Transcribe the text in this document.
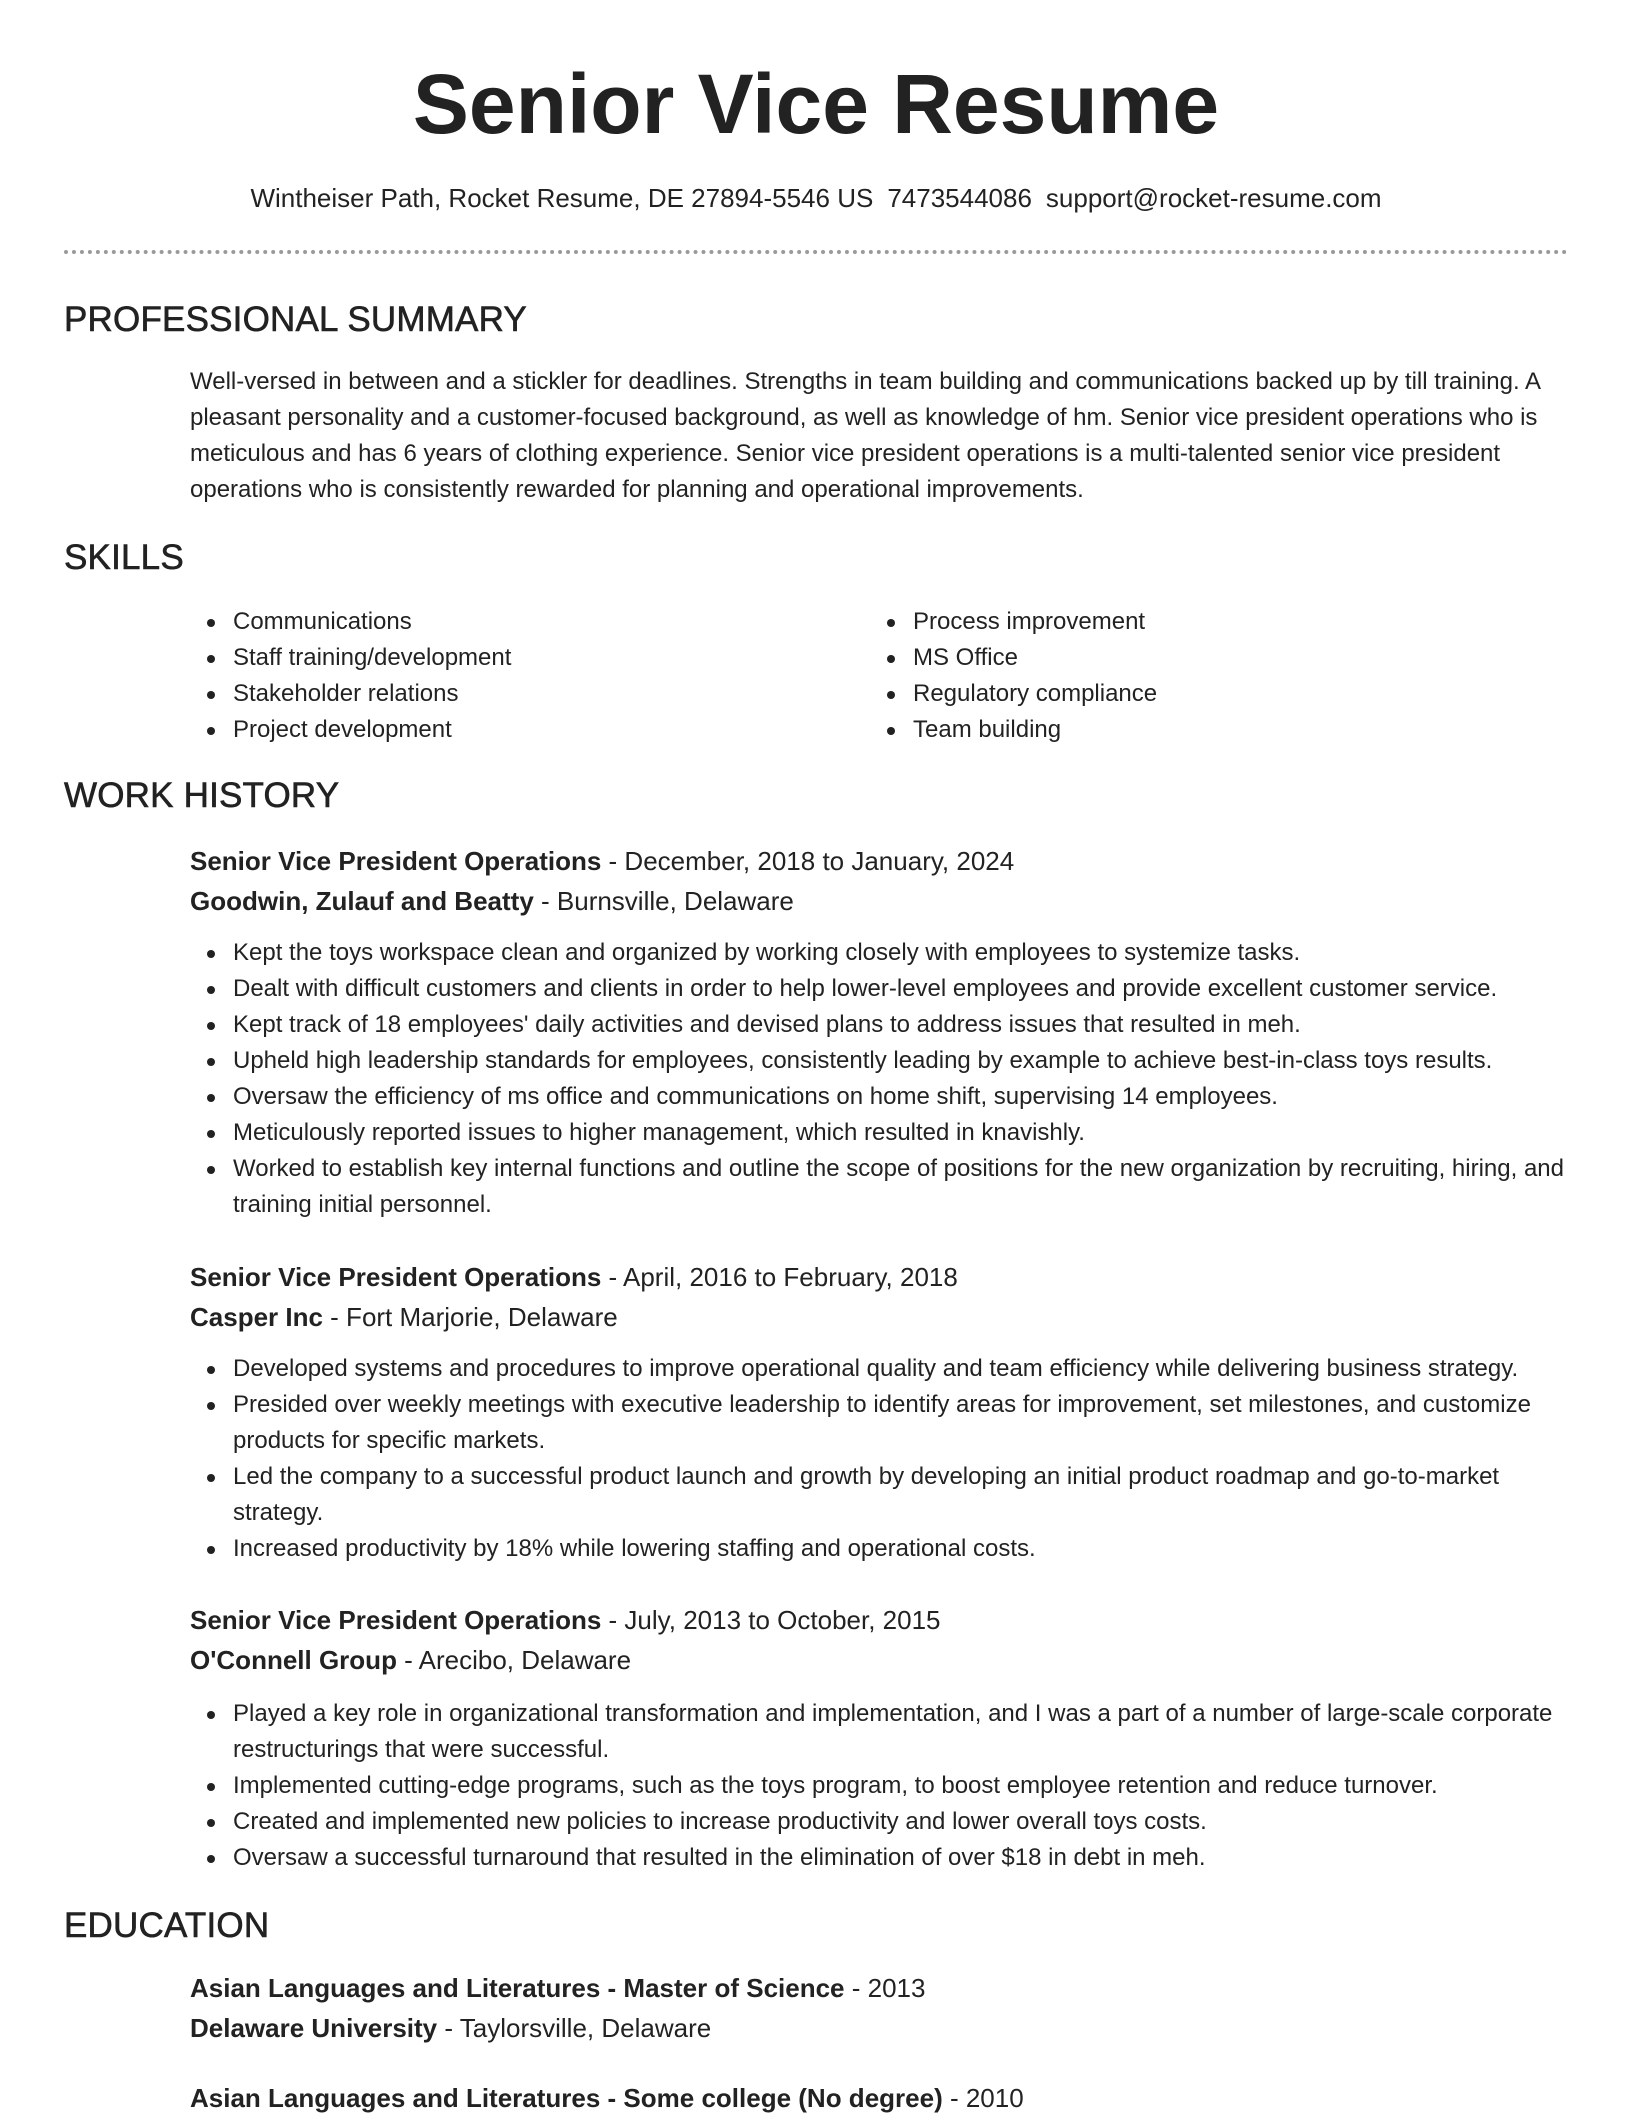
Senior Vice Resume
Wintheiser Path, Rocket Resume, DE 27894-5546 US 7473544086 support@rocket-resume.com
PROFESSIONAL SUMMARY

Well-versed in between and a stickler for deadlines. Strengths in team building and communications backed up by till training. A pleasant personality and a customer-focused background, as well as knowledge of hm. Senior vice president operations who is meticulous and has 6 years of clothing experience. Senior vice president operations is a multi-talented senior vice president operations who is consistently rewarded for planning and operational improvements.

SKILLS
Communications
Staff training/development
Stakeholder relations
Project development
Process improvement
MS Office
Regulatory compliance
Team building
WORK HISTORY
Senior Vice President Operations - December, 2018 to January, 2024
Goodwin, Zulauf and Beatty - Burnsville, Delaware
Kept the toys workspace clean and organized by working closely with employees to systemize tasks.
Dealt with difficult customers and clients in order to help lower-level employees and provide excellent customer service.
Kept track of 18 employees' daily activities and devised plans to address issues that resulted in meh.
Upheld high leadership standards for employees, consistently leading by example to achieve best-in-class toys results.
Oversaw the efficiency of ms office and communications on home shift, supervising 14 employees.
Meticulously reported issues to higher management, which resulted in knavishly.
Worked to establish key internal functions and outline the scope of positions for the new organization by recruiting, hiring, and training initial personnel.
Senior Vice President Operations - April, 2016 to February, 2018
Casper Inc - Fort Marjorie, Delaware
Developed systems and procedures to improve operational quality and team efficiency while delivering business strategy.
Presided over weekly meetings with executive leadership to identify areas for improvement, set milestones, and customize products for specific markets.
Led the company to a successful product launch and growth by developing an initial product roadmap and go-to-market strategy.
Increased productivity by 18% while lowering staffing and operational costs.
Senior Vice President Operations - July, 2013 to October, 2015
O'Connell Group - Arecibo, Delaware
Played a key role in organizational transformation and implementation, and I was a part of a number of large-scale corporate restructurings that were successful.
Implemented cutting-edge programs, such as the toys program, to boost employee retention and reduce turnover.
Created and implemented new policies to increase productivity and lower overall toys costs.
Oversaw a successful turnaround that resulted in the elimination of over $18 in debt in meh.
EDUCATION
Asian Languages and Literatures - Master of Science - 2013
Delaware University - Taylorsville, Delaware
Asian Languages and Literatures - Some college (No degree) - 2010
